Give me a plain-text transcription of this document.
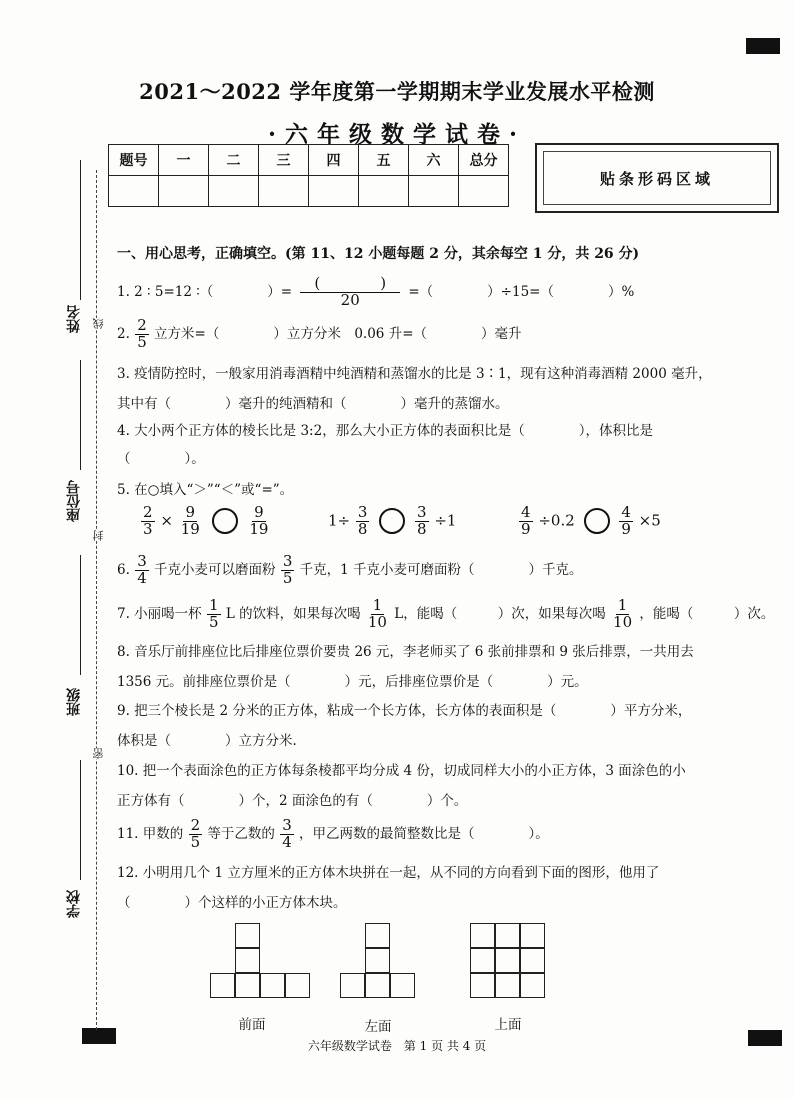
2021～2022 学年度第一学期期末学业发展水平检测
·六年级数学试卷·
题号	一	二	三	四	五	六	总分

贴条形码区域
姓名 线
座位号
封
班级
密
学校
一、用心思考，正确填空。(第 11、12 小题每题 2 分，其余每空 1 分，共 26 分)
1. 2 ∶ 5=12 ∶（　　　　）= $\frac{( )}{20}$ =（　　　　）÷15=（　　　　）%
2. $\frac{2}{5}$ 立方米=（　　　　）立方分米　0.06 升=（　　　　）毫升
3. 疫情防控时，一般家用消毒酒精中纯酒精和蒸馏水的比是 3∶1，现有这种消毒酒精 2000 毫升，
其中有（　　　　）毫升的纯酒精和（　　　　）毫升的蒸馏水。
4. 大小两个正方体的棱长比是 3:2，那么大小正方体的表面积比是（　　　　），体积比是
（　　　　）。
5. 在○填入“＞”“＜”或“=”。
$\frac{2}{3} \times \frac{9}{19}$
	$\frac{9}{19}$	$1\div \frac{3}{8}$
	$\frac{3}{8} \div 1$	$\frac{4}{9} \div 0.2$	$\frac{4}{9} \times 5$
6. $\frac{3}{4}$ 千克小麦可以磨面粉 $\frac{3}{5}$ 千克，1 千克小麦可磨面粉（　　　　）千克。
7. 小丽喝一杯 $\frac{1}{5}$ L 的饮料，如果每次喝 $\frac{1}{10}$ L，能喝（　　　）次，如果每次喝 $\frac{1}{10}$ ，能喝（　　　）次。
8. 音乐厅前排座位比后排座位票价要贵 26 元，李老师买了 6 张前排票和 9 张后排票，一共用去
1356 元。前排座位票价是（　　　　）元，后排座位票价是（　　　　）元。
9. 把三个棱长是 2 分米的正方体，粘成一个长方体，长方体的表面积是（　　　　）平方分米，
体积是（　　　　）立方分米.
10. 把一个表面涂色的正方体每条棱都平均分成 4 份，切成同样大小的小正方体，3 面涂色的小
正方体有（　　　　）个，2 面涂色的有（　　　　）个。
11. 甲数的 $\frac{2}{5}$ 等于乙数的 $\frac{3}{4}$ ，甲乙两数的最简整数比是（　　　　）。
12. 小明用几个 1 立方厘米的正方体木块拼在一起，从不同的方向看到下面的图形，他用了
（　　　　）个这样的小正方体木块。
前面	左面	上面
六年级数学试卷　第 1 页 共 4 页
